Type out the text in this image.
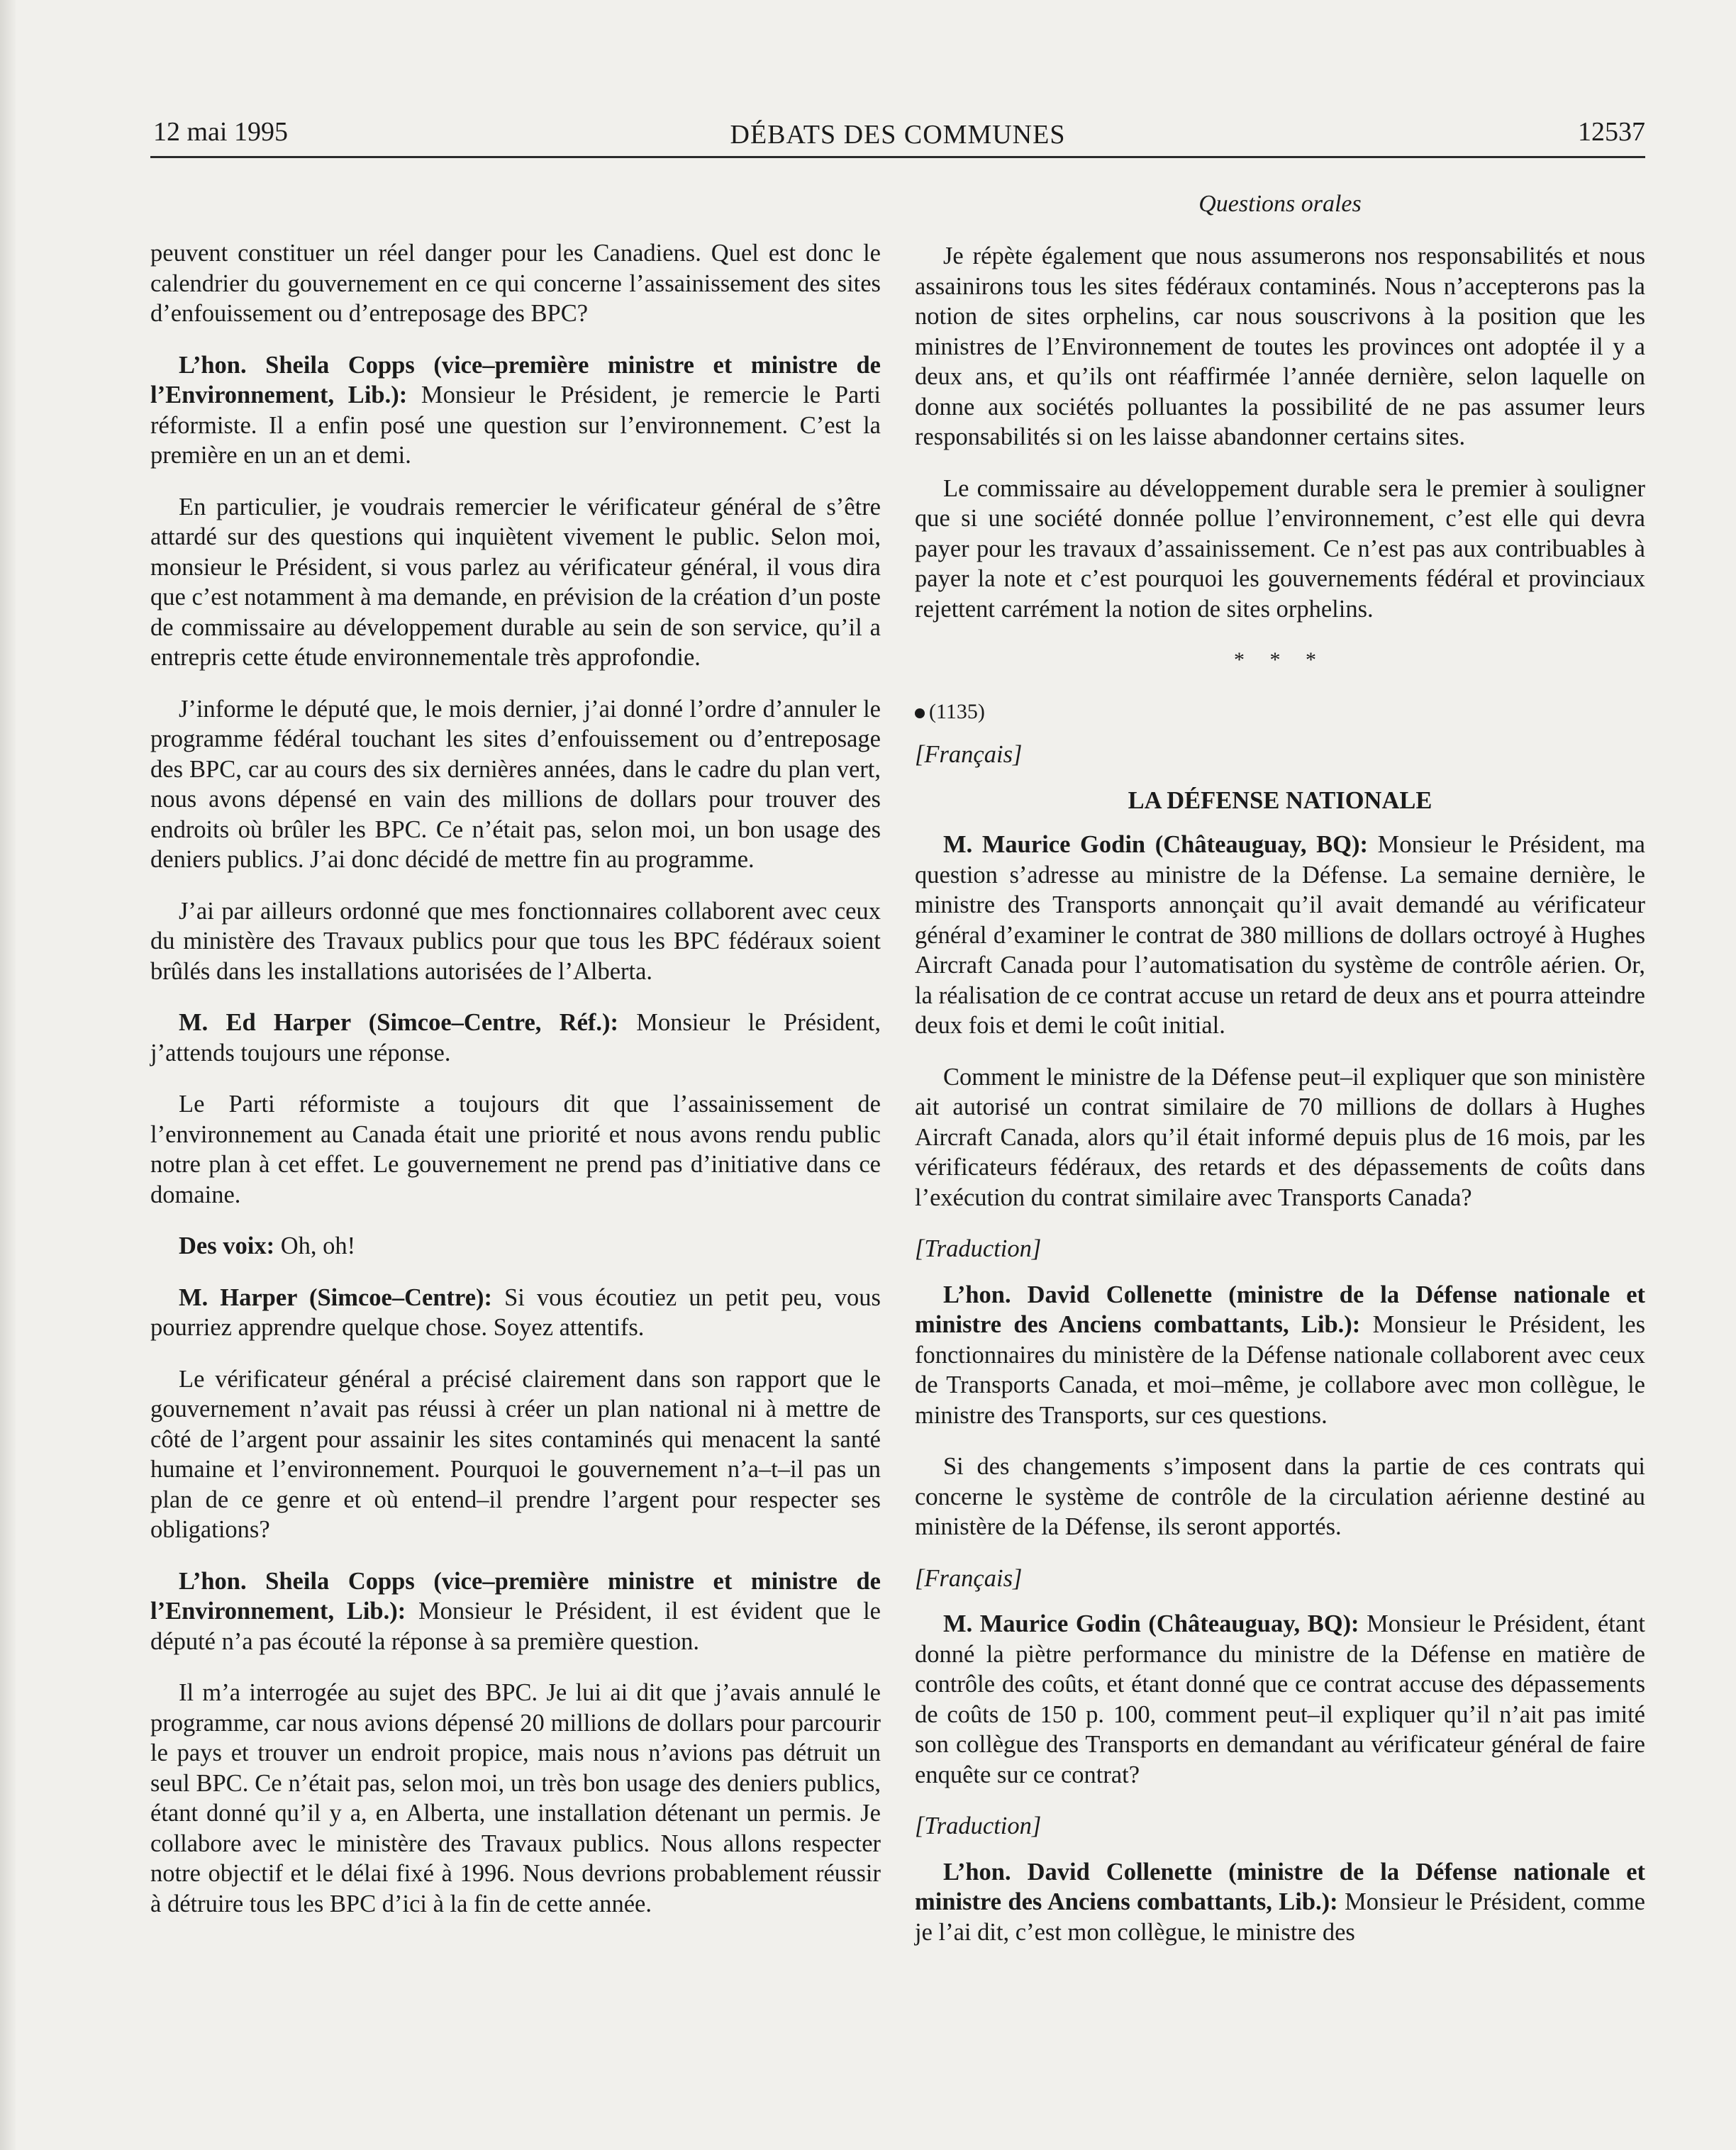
12 mai 1995	DÉBATS DES COMMUNES	12537
Questions orales

peuvent constituer un réel danger pour les Canadiens. Quel est donc le calendrier du gouvernement en ce qui concerne l’assainissement des sites d’enfouissement ou d’entreposage des BPC?

L’hon. Sheila Copps (vice–première ministre et ministre de l’Environnement, Lib.): Monsieur le Président, je remercie le Parti réformiste. Il a enfin posé une question sur l’environnement. C’est la première en un an et demi.

En particulier, je voudrais remercier le vérificateur général de s’être attardé sur des questions qui inquiètent vivement le public. Selon moi, monsieur le Président, si vous parlez au vérificateur général, il vous dira que c’est notamment à ma demande, en prévision de la création d’un poste de commissaire au développement durable au sein de son service, qu’il a entrepris cette étude environnementale très approfondie.

J’informe le député que, le mois dernier, j’ai donné l’ordre d’annuler le programme fédéral touchant les sites d’enfouissement ou d’entreposage des BPC, car au cours des six dernières années, dans le cadre du plan vert, nous avons dépensé en vain des millions de dollars pour trouver des endroits où brûler les BPC. Ce n’était pas, selon moi, un bon usage des deniers publics. J’ai donc décidé de mettre fin au programme.

J’ai par ailleurs ordonné que mes fonctionnaires collaborent avec ceux du ministère des Travaux publics pour que tous les BPC fédéraux soient brûlés dans les installations autorisées de l’Alberta.

M. Ed Harper (Simcoe–Centre, Réf.): Monsieur le Président, j’attends toujours une réponse.

Le Parti réformiste a toujours dit que l’assainissement de l’environnement au Canada était une priorité et nous avons rendu public notre plan à cet effet. Le gouvernement ne prend pas d’initiative dans ce domaine.

Des voix: Oh, oh!

M. Harper (Simcoe–Centre): Si vous écoutiez un petit peu, vous pourriez apprendre quelque chose. Soyez attentifs.

Le vérificateur général a précisé clairement dans son rapport que le gouvernement n’avait pas réussi à créer un plan national ni à mettre de côté de l’argent pour assainir les sites contaminés qui menacent la santé humaine et l’environnement. Pourquoi le gouvernement n’a–t–il pas un plan de ce genre et où entend–il prendre l’argent pour respecter ses obligations?

L’hon. Sheila Copps (vice–première ministre et ministre de l’Environnement, Lib.): Monsieur le Président, il est évident que le député n’a pas écouté la réponse à sa première question.

Il m’a interrogée au sujet des BPC. Je lui ai dit que j’avais annulé le programme, car nous avions dépensé 20 millions de dollars pour parcourir le pays et trouver un endroit propice, mais nous n’avions pas détruit un seul BPC. Ce n’était pas, selon moi, un très bon usage des deniers publics, étant donné qu’il y a, en Alberta, une installation détenant un permis. Je collabore avec le ministère des Travaux publics. Nous allons respecter notre objectif et le délai fixé à 1996. Nous devrions probablement réussir à détruire tous les BPC d’ici à la fin de cette année.

Je répète également que nous assumerons nos responsabilités et nous assainirons tous les sites fédéraux contaminés. Nous n’accepterons pas la notion de sites orphelins, car nous souscrivons à la position que les ministres de l’Environnement de toutes les provinces ont adoptée il y a deux ans, et qu’ils ont réaffirmée l’année dernière, selon laquelle on donne aux sociétés polluantes la possibilité de ne pas assumer leurs responsabilités si on les laisse abandonner certains sites.

Le commissaire au développement durable sera le premier à souligner que si une société donnée pollue l’environnement, c’est elle qui devra payer pour les travaux d’assainissement. Ce n’est pas aux contribuables à payer la note et c’est pourquoi les gouvernements fédéral et provinciaux rejettent carrément la notion de sites orphelins.

* * *

(1135)

[Français]

LA DÉFENSE NATIONALE

M. Maurice Godin (Châteauguay, BQ): Monsieur le Président, ma question s’adresse au ministre de la Défense. La semaine dernière, le ministre des Transports annonçait qu’il avait demandé au vérificateur général d’examiner le contrat de 380 millions de dollars octroyé à Hughes Aircraft Canada pour l’automatisation du système de contrôle aérien. Or, la réalisation de ce contrat accuse un retard de deux ans et pourra atteindre deux fois et demi le coût initial.

Comment le ministre de la Défense peut–il expliquer que son ministère ait autorisé un contrat similaire de 70 millions de dollars à Hughes Aircraft Canada, alors qu’il était informé depuis plus de 16 mois, par les vérificateurs fédéraux, des retards et des dépassements de coûts dans l’exécution du contrat similaire avec Transports Canada?

[Traduction]

L’hon. David Collenette (ministre de la Défense nationale et ministre des Anciens combattants, Lib.): Monsieur le Président, les fonctionnaires du ministère de la Défense nationale collaborent avec ceux de Transports Canada, et moi–même, je collabore avec mon collègue, le ministre des Transports, sur ces questions.

Si des changements s’imposent dans la partie de ces contrats qui concerne le système de contrôle de la circulation aérienne destiné au ministère de la Défense, ils seront apportés.

[Français]

M. Maurice Godin (Châteauguay, BQ): Monsieur le Président, étant donné la piètre performance du ministre de la Défense en matière de contrôle des coûts, et étant donné que ce contrat accuse des dépassements de coûts de 150 p. 100, comment peut–il expliquer qu’il n’ait pas imité son collègue des Transports en demandant au vérificateur général de faire enquête sur ce contrat?

[Traduction]

L’hon. David Collenette (ministre de la Défense nationale et ministre des Anciens combattants, Lib.): Monsieur le Président, comme je l’ai dit, c’est mon collègue, le ministre des
